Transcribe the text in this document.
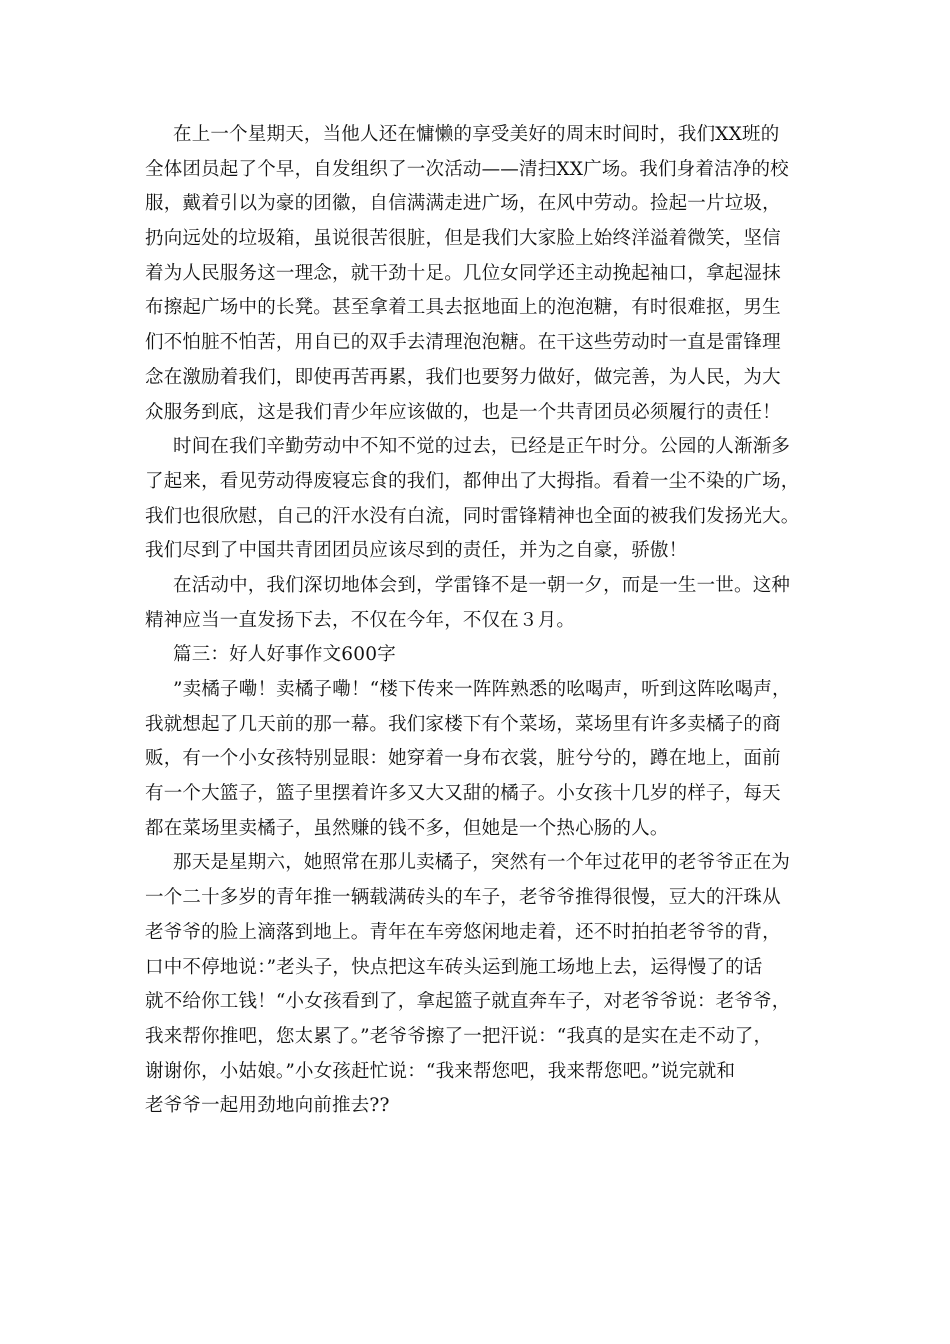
在上一个星期天，当他人还在慵懒的享受美好的周末时间时，我们XX班的
全体团员起了个早，自发组织了一次活动——清扫XX广场。我们身着洁净的校
服，戴着引以为豪的团徽，自信满满走进广场，在风中劳动。捡起一片垃圾，
扔向远处的垃圾箱，虽说很苦很脏，但是我们大家脸上始终洋溢着微笑，坚信
着为人民服务这一理念，就干劲十足。几位女同学还主动挽起袖口，拿起湿抹
布擦起广场中的长凳。甚至拿着工具去抠地面上的泡泡糖，有时很难抠，男生
们不怕脏不怕苦，用自已的双手去清理泡泡糖。在干这些劳动时一直是雷锋理
念在激励着我们，即使再苦再累，我们也要努力做好，做完善，为人民，为大
众服务到底，这是我们青少年应该做的，也是一个共青团员必须履行的责任！
时间在我们辛勤劳动中不知不觉的过去，已经是正午时分。公园的人渐渐多
了起来，看见劳动得废寝忘食的我们，都伸出了大拇指。看着一尘不染的广场，
我们也很欣慰，自己的汗水没有白流，同时雷锋精神也全面的被我们发扬光大。
我们尽到了中国共青团团员应该尽到的责任，并为之自豪，骄傲！
在活动中，我们深切地体会到，学雷锋不是一朝一夕，而是一生一世。这种
精神应当一直发扬下去，不仅在今年，不仅在３月。
篇三：好人好事作文600字
”卖橘子嘞！卖橘子嘞！“楼下传来一阵阵熟悉的吆喝声，听到这阵吆喝声，
我就想起了几天前的那一幕。我们家楼下有个菜场，菜场里有许多卖橘子的商
贩，有一个小女孩特别显眼：她穿着一身布衣裳，脏兮兮的，蹲在地上，面前
有一个大篮子，篮子里摆着许多又大又甜的橘子。小女孩十几岁的样子，每天
都在菜场里卖橘子，虽然赚的钱不多，但她是一个热心肠的人。
那天是星期六，她照常在那儿卖橘子，突然有一个年过花甲的老爷爷正在为
一个二十多岁的青年推一辆载满砖头的车子，老爷爷推得很慢，豆大的汗珠从
老爷爷的脸上滴落到地上。青年在车旁悠闲地走着，还不时拍拍老爷爷的背，
口中不停地说：”老头子，快点把这车砖头运到施工场地上去，运得慢了的话
就不给你工钱！“小女孩看到了，拿起篮子就直奔车子，对老爷爷说：老爷爷，
我来帮你推吧，您太累了。”老爷爷擦了一把汗说：“我真的是实在走不动了，
谢谢你，小姑娘。”小女孩赶忙说：“我来帮您吧，我来帮您吧。”说完就和
老爷爷一起用劲地向前推去??
